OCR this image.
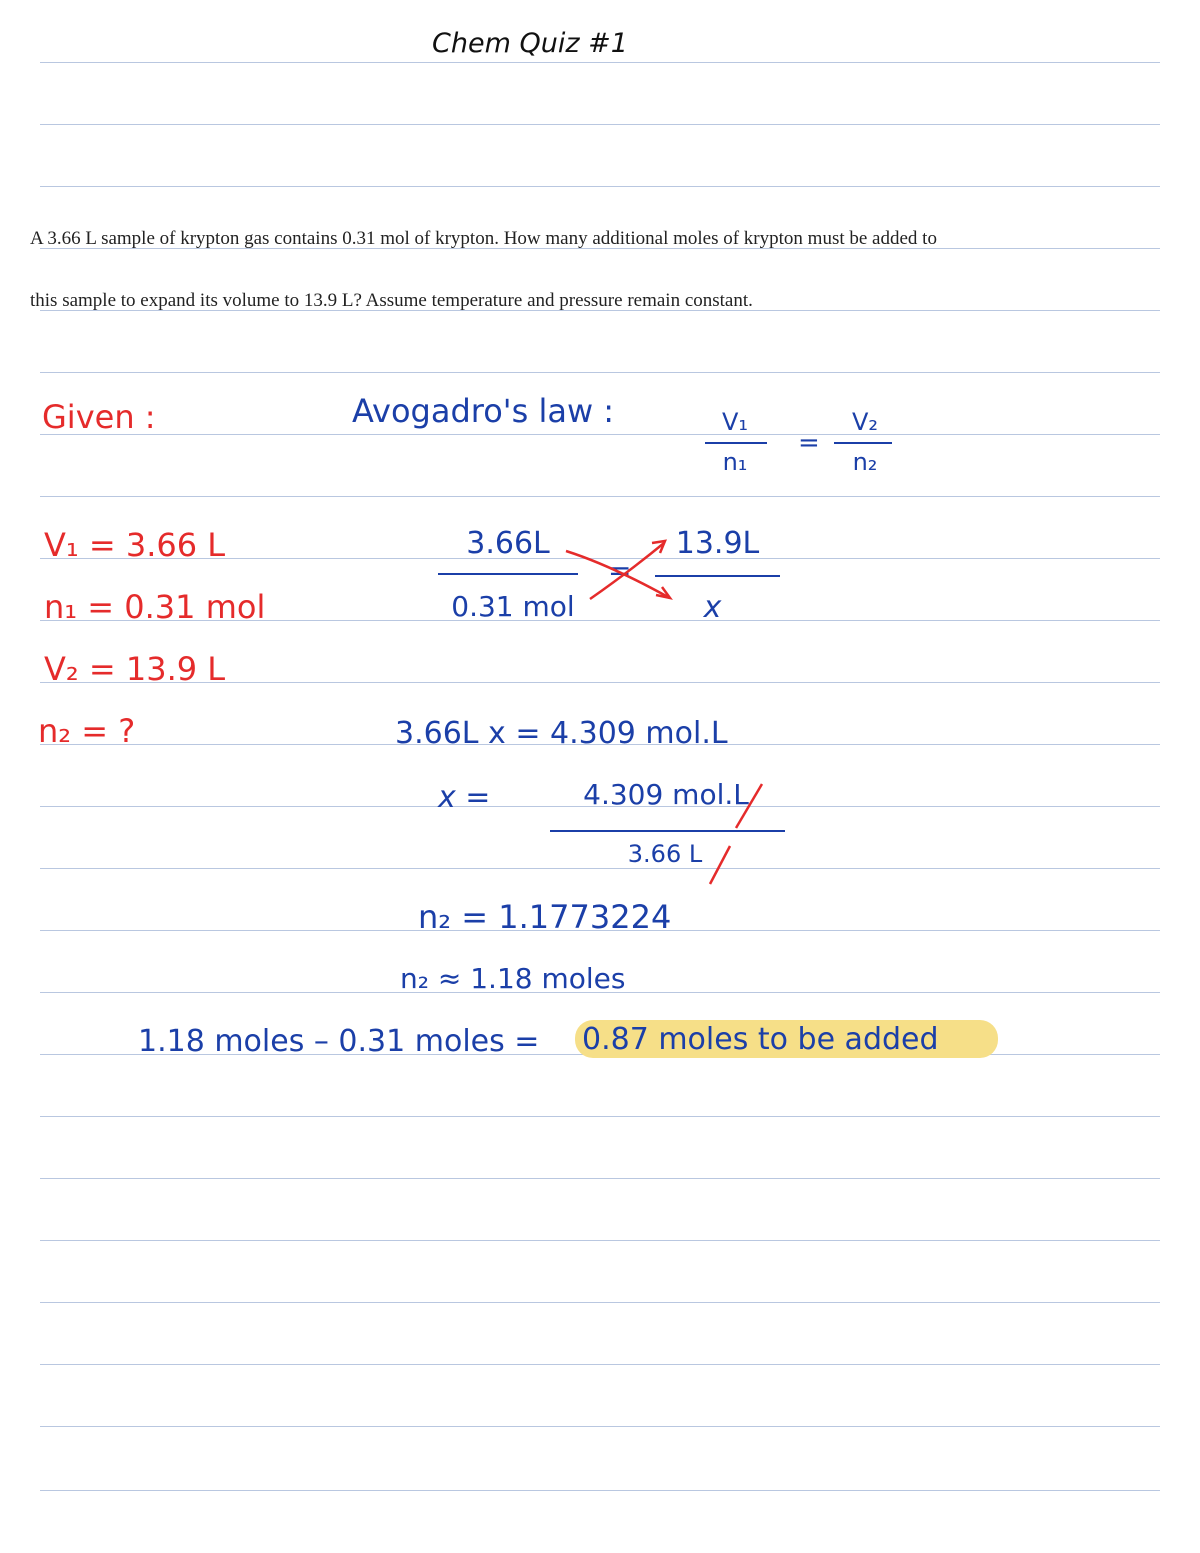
Chem Quiz #1
A 3.66 L sample of krypton gas contains 0.31 mol of krypton. How many additional moles of krypton must be added to
this sample to expand its volume to 13.9 L? Assume temperature and pressure remain constant.
Given :
V₁ = 3.66 L
n₁ = 0.31 mol
V₂ = 13.9 L
n₂ = ?
Avogadro's law :	V₁
n₁
=
V₂
n₂
3.66L
0.31 mol
=
13.9L
x
3.66L x = 4.309 mol.L
x =	4.309 mol.L
3.66 L
n₂ = 1.1773224
n₂ ≈ 1.18 moles
1.18 moles – 0.31 moles = 0.87 moles to be added
